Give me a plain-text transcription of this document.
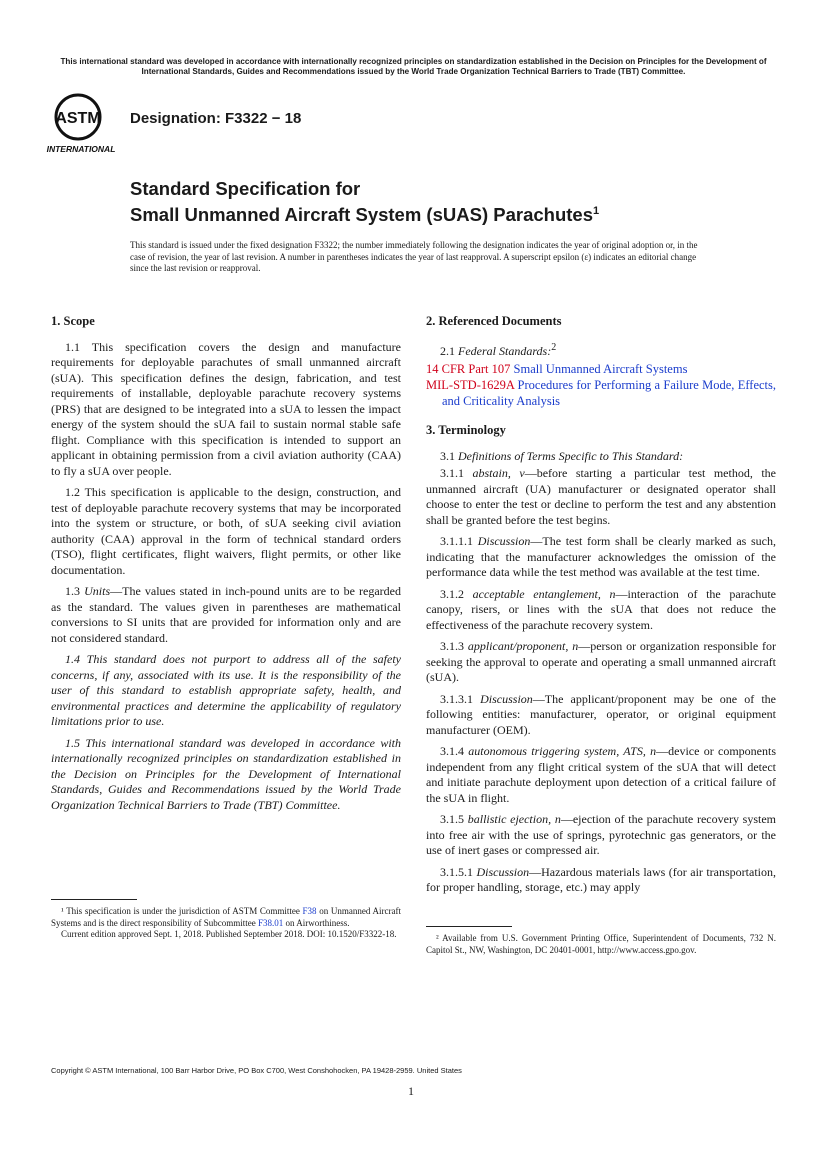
This international standard was developed in accordance with internationally recognized principles on standardization established in the Decision on Principles for the Development of International Standards, Guides and Recommendations issued by the World Trade Organization Technical Barriers to Trade (TBT) Committee.
ASTM
INTERNATIONAL
Designation: F3322 − 18
Standard Specification for
Small Unmanned Aircraft System (sUAS) Parachutes$^1$
This standard is issued under the fixed designation F3322; the number immediately following the designation indicates the year of original adoption or, in the case of revision, the year of last revision. A number in parentheses indicates the year of last reapproval. A superscript epsilon (ε) indicates an editorial change since the last revision or reapproval.
1. Scope

1.1 This specification covers the design and manufacture requirements for deployable parachutes of small unmanned aircraft (sUA). This specification defines the design, fabrication, and test requirements of installable, deployable parachute recovery systems (PRS) that are designed to be integrated into a sUA to lessen the impact energy of the system should the sUA fail to sustain normal stable safe flight. Compliance with this specification is intended to support an applicant in obtaining permission from a civil aviation authority (CAA) to fly a sUA over people.

1.2 This specification is applicable to the design, construction, and test of deployable parachute recovery systems that may be incorporated into the system or structure, or both, of sUA seeking civil aviation authority (CAA) approval in the form of technical standard orders (TSO), flight certificates, flight waivers, flight permits, or other like documentation.

1.3 Units—The values stated in inch-pound units are to be regarded as the standard. The values given in parentheses are mathematical conversions to SI units that are provided for information only and are not considered standard.

1.4 This standard does not purport to address all of the safety concerns, if any, associated with its use. It is the responsibility of the user of this standard to establish appropriate safety, health, and environmental practices and determine the applicability of regulatory limitations prior to use.

1.5 This international standard was developed in accordance with internationally recognized principles on standardization established in the Decision on Principles for the Development of International Standards, Guides and Recommendations issued by the World Trade Organization Technical Barriers to Trade (TBT) Committee.

¹ This specification is under the jurisdiction of ASTM Committee F38 on Unmanned Aircraft Systems and is the direct responsibility of Subcommittee F38.01 on Airworthiness.

Current edition approved Sept. 1, 2018. Published September 2018. DOI: 10.1520/F3322-18.

2. Referenced Documents

2.1 Federal Standards:$^2$

14 CFR Part 107 Small Unmanned Aircraft Systems
MIL-STD-1629A Procedures for Performing a Failure Mode, Effects, and Criticality Analysis
3. Terminology

3.1 Definitions of Terms Specific to This Standard:

3.1.1 abstain, v—before starting a particular test method, the unmanned aircraft (UA) manufacturer or designated operator shall choose to enter the test or decline to perform the test and any abstention shall be granted before the test begins.

3.1.1.1 Discussion—The test form shall be clearly marked as such, indicating that the manufacturer acknowledges the omission of the performance data while the test method was available at the test time.

3.1.2 acceptable entanglement, n—interaction of the parachute canopy, risers, or lines with the sUA that does not reduce the effectiveness of the parachute recovery system.

3.1.3 applicant/proponent, n—person or organization responsible for seeking the approval to operate and operating a small unmanned aircraft (sUA).

3.1.3.1 Discussion—The applicant/proponent may be one of the following entities: manufacturer, operator, or original equipment manufacturer (OEM).

3.1.4 autonomous triggering system, ATS, n—device or components independent from any flight critical system of the sUA that will detect and initiate parachute deployment upon detection of a critical failure of the sUA in flight.

3.1.5 ballistic ejection, n—ejection of the parachute recovery system into free air with the use of springs, pyrotechnic gas generators, or the use of inert gases or compressed air.

3.1.5.1 Discussion—Hazardous materials laws (for air transportation, for proper handling, storage, etc.) may apply

² Available from U.S. Government Printing Office, Superintendent of Documents, 732 N. Capitol St., NW, Washington, DC 20401-0001, http://www.access.gpo.gov.

Copyright © ASTM International, 100 Barr Harbor Drive, PO Box C700, West Conshohocken, PA 19428-2959. United States
1
